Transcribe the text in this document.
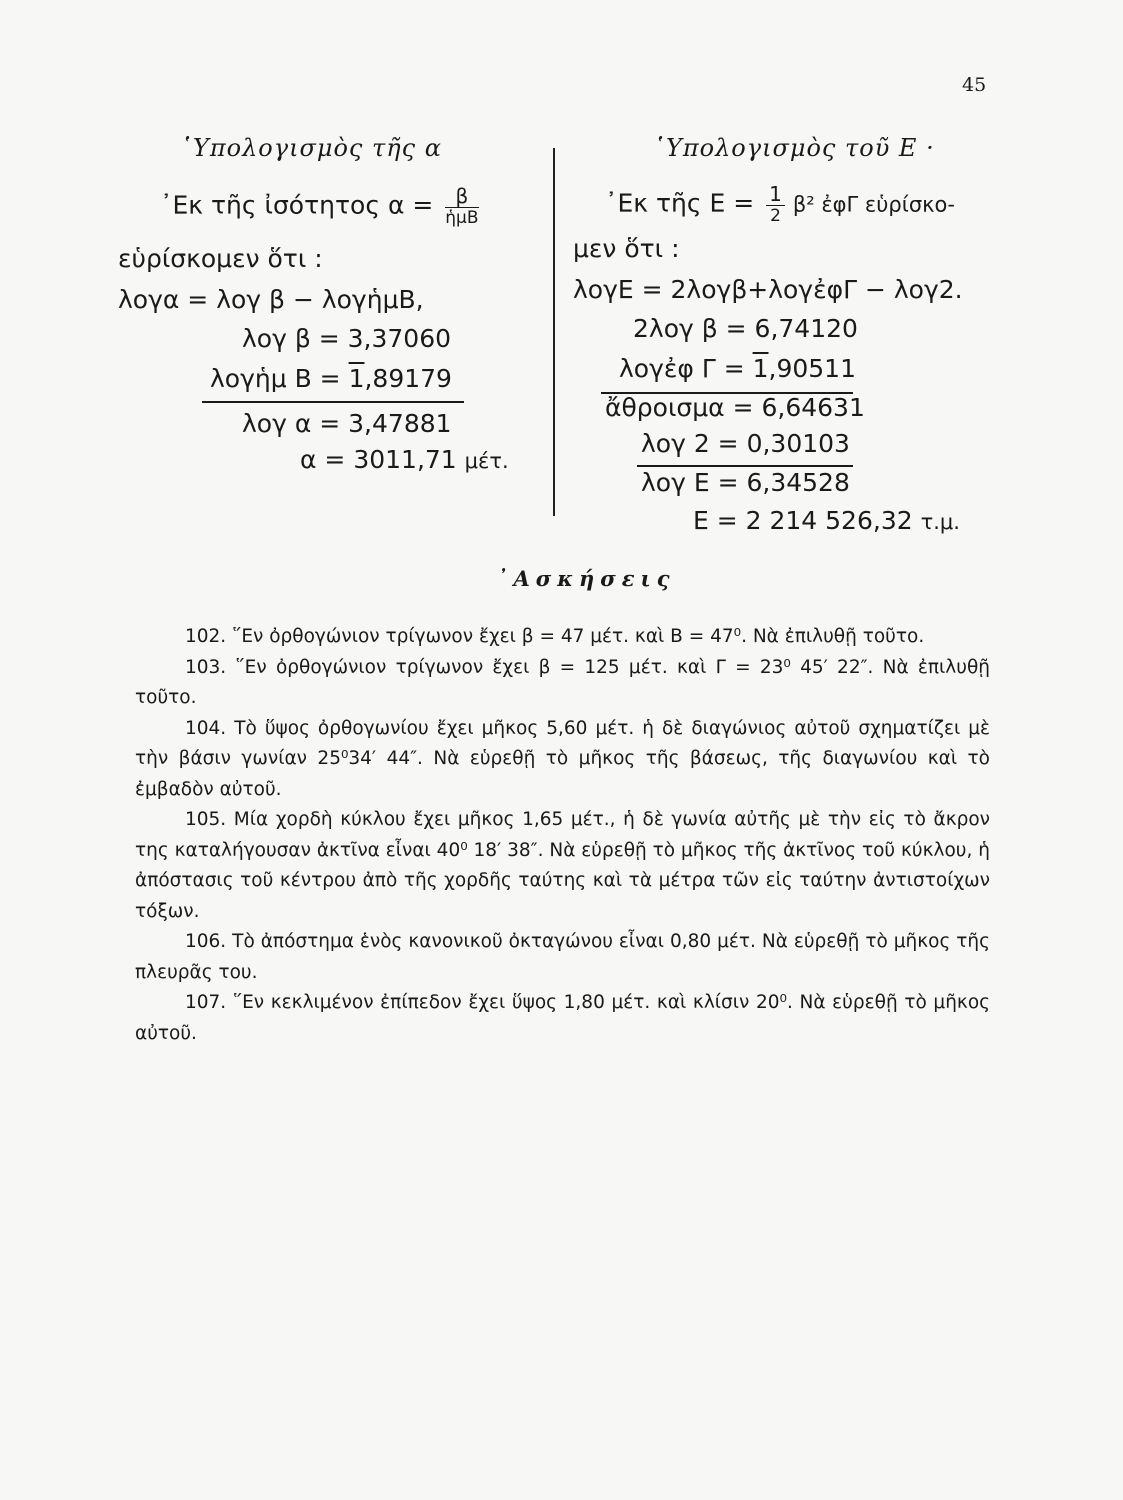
45
῾Υπολογισμὸς τῆς α
᾿Εκ τῆς ἰσότητος $\alpha = \frac{\beta}{\text{ἡμΒ}}$
εὑρίσκομεν ὅτι :
λογα = λογ β − λογἡμΒ,
λογ β = 3,37060
λογἡμ Β = 1,89179
λογ α = 3,47881
α = 3011,71 μέτ.
῾Υπολογισμὸς τοῦ Ε ·
᾿Εκ τῆς $E = \frac{1}{2} \beta^2$ ἐφΓ εὑρίσκο-
μεν ὅτι :
λογΕ = 2λογβ+λογἐφΓ − λογ2.
2λογ β = 6,74120
λογἐφ Γ = 1,90511
ἄθροισμα = 6,64631
λογ 2 = 0,30103
λογ Ε = 6,34528
Ε = 2 214 526,32 τ.μ.
᾿Ασκήσεις

102. ῞Εν ὀρθογώνιον τρίγωνον ἔχει β = 47 μέτ. καὶ Β = 47⁰. Νὰ ἐπιλυθῇ τοῦτο.

103. ῞Εν ὀρθογώνιον τρίγωνον ἔχει β = 125 μέτ. καὶ Γ = 23⁰ 45′ 22″. Νὰ ἐπιλυθῇ τοῦτο.

104. Τὸ ὕψος ὀρθογωνίου ἔχει μῆκος 5,60 μέτ. ἡ δὲ διαγώνιος αὐτοῦ σχηματίζει μὲ τὴν βάσιν γωνίαν 25⁰34′ 44″. Νὰ εὑρεθῇ τὸ μῆκος τῆς βάσεως, τῆς διαγωνίου καὶ τὸ ἐμβαδὸν αὐτοῦ.

105. Μία χορδὴ κύκλου ἔχει μῆκος 1,65 μέτ., ἡ δὲ γωνία αὐτῆς μὲ τὴν εἰς τὸ ἄκρον της καταλήγουσαν ἀκτῖνα εἶναι 40⁰ 18′ 38″. Νὰ εὑρεθῇ τὸ μῆκος τῆς ἀκτῖνος τοῦ κύκλου, ἡ ἀπόστασις τοῦ κέντρου ἀπὸ τῆς χορδῆς ταύτης καὶ τὰ μέτρα τῶν εἰς ταύτην ἀντιστοίχων τόξων.

106. Τὸ ἀπόστημα ἑνὸς κανονικοῦ ὀκταγώνου εἶναι 0,80 μέτ. Νὰ εὑρεθῇ τὸ μῆκος τῆς πλευρᾶς του.

107. ῞Εν κεκλιμένον ἐπίπεδον ἔχει ὕψος 1,80 μέτ. καὶ κλίσιν 20⁰. Νὰ εὑρεθῇ τὸ μῆκος αὐτοῦ.
